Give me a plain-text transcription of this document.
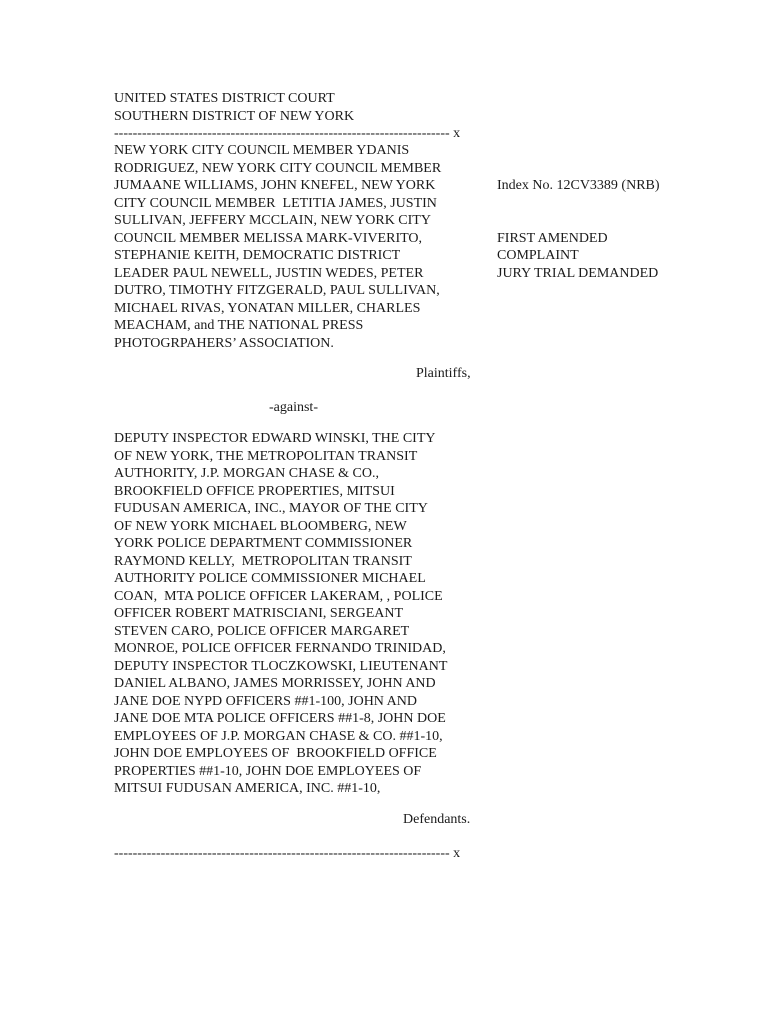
UNITED STATES DISTRICT COURT
SOUTHERN DISTRICT OF NEW YORK
------------------------------------------------------------------------ x
NEW YORK CITY COUNCIL MEMBER YDANIS
RODRIGUEZ, NEW YORK CITY COUNCIL MEMBER
JUMAANE WILLIAMS, JOHN KNEFEL, NEW YORK
CITY COUNCIL MEMBER  LETITIA JAMES, JUSTIN
SULLIVAN, JEFFERY MCCLAIN, NEW YORK CITY
COUNCIL MEMBER MELISSA MARK-VIVERITO,
STEPHANIE KEITH, DEMOCRATIC DISTRICT
LEADER PAUL NEWELL, JUSTIN WEDES, PETER
DUTRO, TIMOTHY FITZGERALD, PAUL SULLIVAN,
MICHAEL RIVAS, YONATAN MILLER, CHARLES
MEACHAM, and THE NATIONAL PRESS
PHOTOGRPAHERS’ ASSOCIATION.
Index No. 12CV3389 (NRB)
FIRST AMENDED
COMPLAINT
JURY TRIAL DEMANDED
Plaintiffs,
-against-
DEPUTY INSPECTOR EDWARD WINSKI, THE CITY
OF NEW YORK, THE METROPOLITAN TRANSIT
AUTHORITY, J.P. MORGAN CHASE & CO.,
BROOKFIELD OFFICE PROPERTIES, MITSUI
FUDUSAN AMERICA, INC., MAYOR OF THE CITY
OF NEW YORK MICHAEL BLOOMBERG, NEW
YORK POLICE DEPARTMENT COMMISSIONER
RAYMOND KELLY,  METROPOLITAN TRANSIT
AUTHORITY POLICE COMMISSIONER MICHAEL
COAN,  MTA POLICE OFFICER LAKERAM, , POLICE
OFFICER ROBERT MATRISCIANI, SERGEANT
STEVEN CARO, POLICE OFFICER MARGARET
MONROE, POLICE OFFICER FERNANDO TRINIDAD,
DEPUTY INSPECTOR TLOCZKOWSKI, LIEUTENANT
DANIEL ALBANO, JAMES MORRISSEY, JOHN AND
JANE DOE NYPD OFFICERS ##1-100, JOHN AND
JANE DOE MTA POLICE OFFICERS ##1-8, JOHN DOE
EMPLOYEES OF J.P. MORGAN CHASE & CO. ##1-10,
JOHN DOE EMPLOYEES OF  BROOKFIELD OFFICE
PROPERTIES ##1-10, JOHN DOE EMPLOYEES OF
MITSUI FUDUSAN AMERICA, INC. ##1-10,
Defendants.
------------------------------------------------------------------------ x
